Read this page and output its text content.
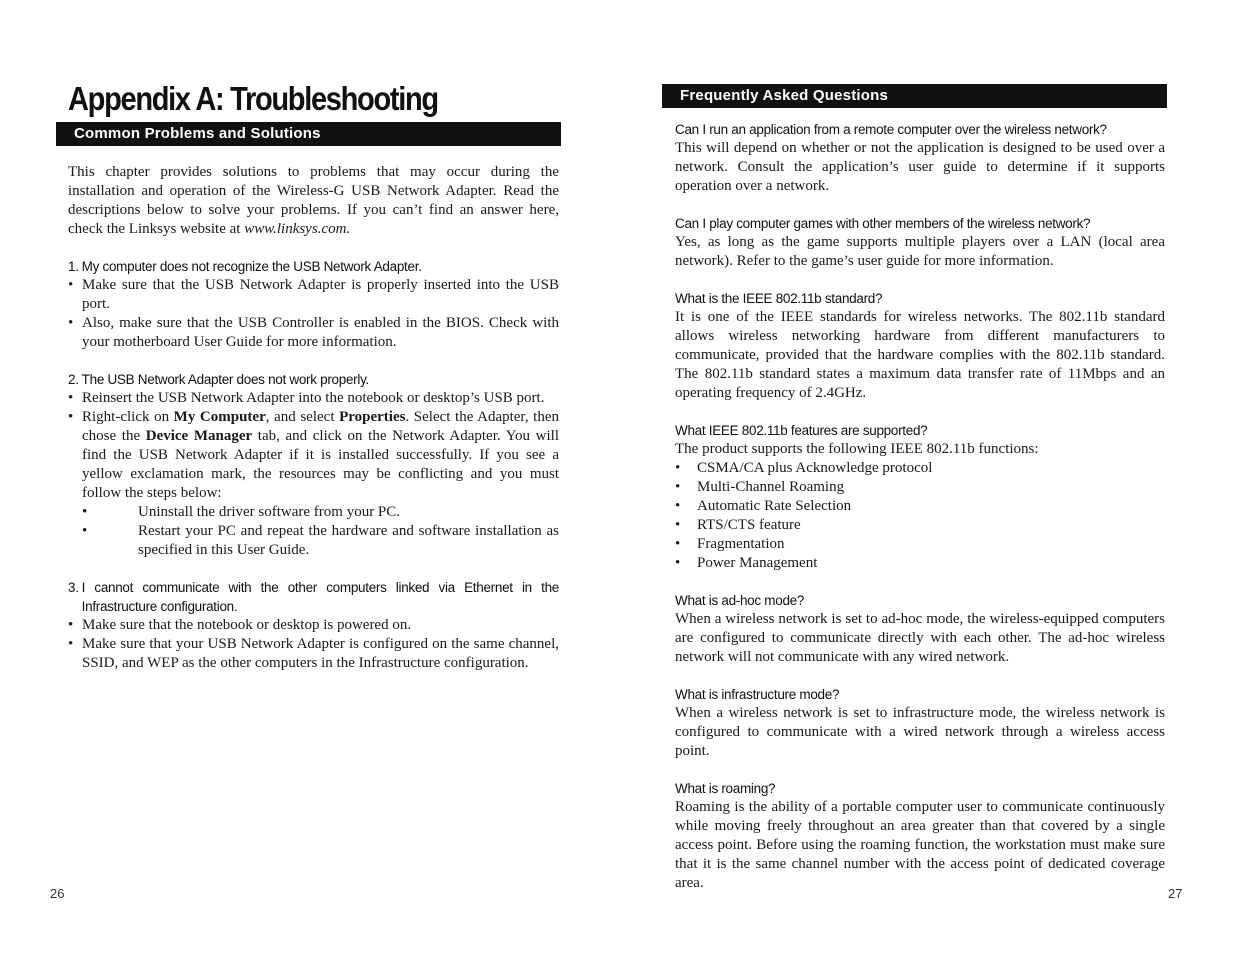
Appendix A: Troubleshooting
Common Problems and Solutions

This chapter provides solutions to problems that may occur during the installation and operation of the Wireless-G USB Network Adapter. Read the descriptions below to solve your problems. If you can’t find an answer here, check the Linksys website at www.linksys.com.

1. My computer does not recognize the USB Network Adapter.
• Make sure that the USB Network Adapter is properly inserted into the USB port.
• Also, make sure that the USB Controller is enabled in the BIOS. Check with your motherboard User Guide for more information.
2. The USB Network Adapter does not work properly.
• Reinsert the USB Network Adapter into the notebook or desktop’s USB port.
• Right-click on My Computer, and select Properties. Select the Adapter, then chose the Device Manager tab, and click on the Network Adapter. You will find the USB Network Adapter if it is installed successfully. If you see a yellow exclamation mark, the resources may be conflicting and you must follow the steps below:
•	Uninstall the driver software from your PC.
•	Restart your PC and repeat the hardware and software installation as specified in this User Guide.
3. I cannot communicate with the other computers linked via Ethernet in the Infrastructure configuration.
• Make sure that the notebook or desktop is powered on.
• Make sure that your USB Network Adapter is configured on the same channel, SSID, and WEP as the other computers in the Infrastructure configuration.
26
Frequently Asked Questions
Can I run an application from a remote computer over the wireless network?

This will depend on whether or not the application is designed to be used over a network. Consult the application’s user guide to determine if it supports operation over a network.

Can I play computer games with other members of the wireless network?

Yes, as long as the game supports multiple players over a LAN (local area network). Refer to the game’s user guide for more information.

What is the IEEE 802.11b standard?

It is one of the IEEE standards for wireless networks. The 802.11b standard allows wireless networking hardware from different manufacturers to communicate, provided that the hardware complies with the 802.11b standard. The 802.11b standard states a maximum data transfer rate of 11Mbps and an operating frequency of 2.4GHz.

What IEEE 802.11b features are supported?

The product supports the following IEEE 802.11b functions:

• CSMA/CA plus Acknowledge protocol
• Multi-Channel Roaming
• Automatic Rate Selection
• RTS/CTS feature
• Fragmentation
• Power Management
What is ad-hoc mode?

When a wireless network is set to ad-hoc mode, the wireless-equipped computers are configured to communicate directly with each other. The ad-hoc wireless network will not communicate with any wired network.

What is infrastructure mode?

When a wireless network is set to infrastructure mode, the wireless network is configured to communicate with a wired network through a wireless access point.

What is roaming?

Roaming is the ability of a portable computer user to communicate continuously while moving freely throughout an area greater than that covered by a single access point. Before using the roaming function, the workstation must make sure that it is the same channel number with the access point of dedicated coverage area.

27
